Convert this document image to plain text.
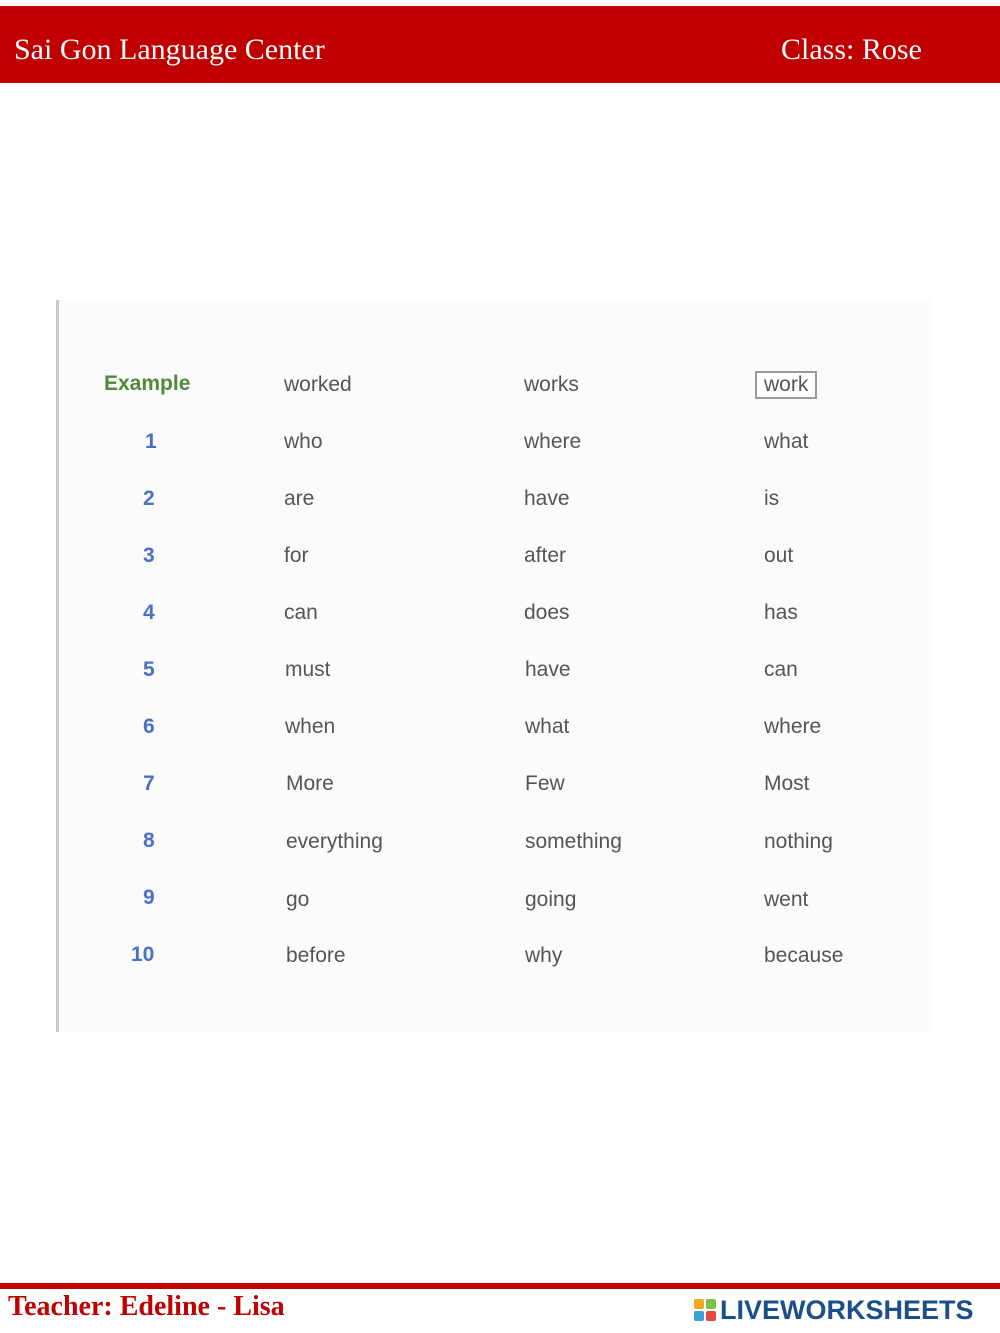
Sai Gon Language Center	Class: Rose
Example	worked	works	work
1	who	where	what
2	are	have	is
3	for	after	out
4	can	does	has
5	must	have	can
6	when	what	where
7	More	Few	Most
8	everything	something	nothing
9	go	going	went
10	before	why	because
Teacher: Edeline - Lisa	LIVEWORKSHEETS
